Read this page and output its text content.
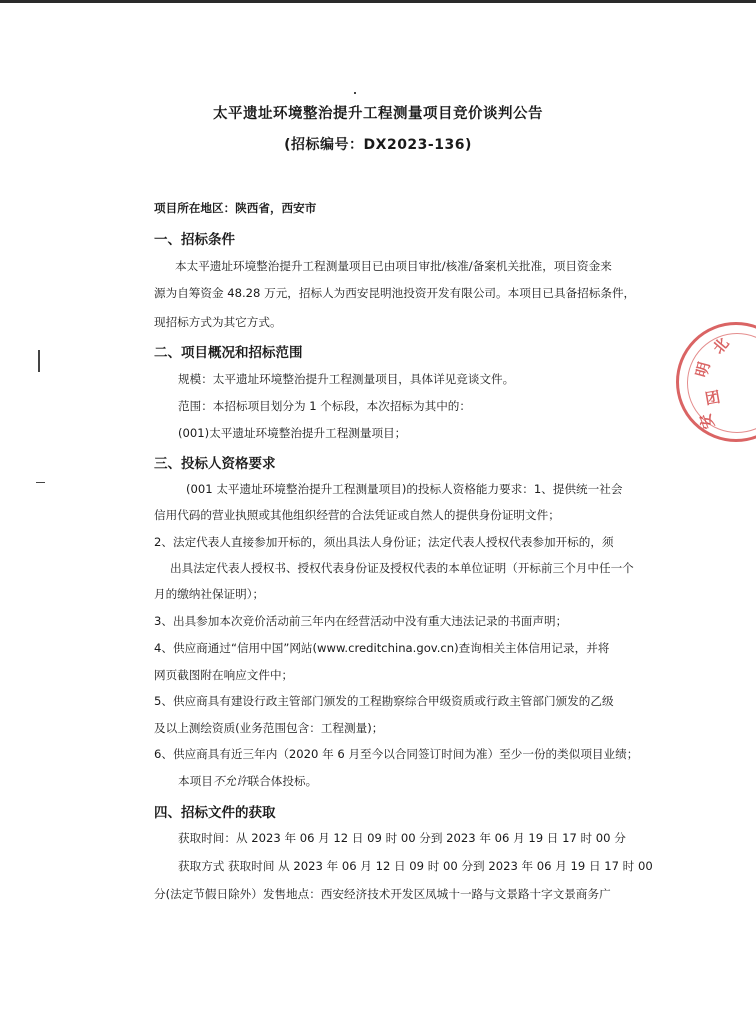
太平遗址环境整治提升工程测量项目竞价谈判公告
(招标编号：DX2023-136)
项目所在地区：陕西省，西安市
一、招标条件
本太平遗址环境整治提升工程测量项目已由项目审批/核准/备案机关批准，项目资金来
源为自筹资金 48.28 万元，招标人为西安昆明池投资开发有限公司。本项目已具备招标条件，
现招标方式为其它方式。
二、项目概况和招标范围
规模：太平遗址环境整治提升工程测量项目，具体详见竞谈文件。
范围：本招标项目划分为 1 个标段，本次招标为其中的：
(001)太平遗址环境整治提升工程测量项目；
三、投标人资格要求
(001 太平遗址环境整治提升工程测量项目)的投标人资格能力要求：1、提供统一社会
信用代码的营业执照或其他组织经营的合法凭证或自然人的提供身份证明文件；
2、法定代表人直接参加开标的，须出具法人身份证；法定代表人授权代表参加开标的，须
出具法定代表人授权书、授权代表身份证及授权代表的本单位证明（开标前三个月中任一个
月的缴纳社保证明）；
3、出具参加本次竞价活动前三年内在经营活动中没有重大违法记录的书面声明；
4、供应商通过“信用中国”网站(www.creditchina.gov.cn)查询相关主体信用记录，并将
网页截图附在响应文件中；
5、供应商具有建设行政主管部门颁发的工程勘察综合甲级资质或行政主管部门颁发的乙级
及以上测绘资质(业务范围包含：工程测量)；
6、供应商具有近三年内（2020 年 6 月至今以合同签订时间为准）至少一份的类似项目业绩；
本项目不允许联合体投标。
四、招标文件的获取
获取时间：从 2023 年 06 月 12 日 09 时 00 分到 2023 年 06 月 19 日 17 时 00 分
获取方式 获取时间 从 2023 年 06 月 12 日 09 时 00 分到 2023 年 06 月 19 日 17 时 00
分(法定节假日除外）发售地点：西安经济技术开发区凤城十一路与文景路十字文景商务广
北
明
团
安
